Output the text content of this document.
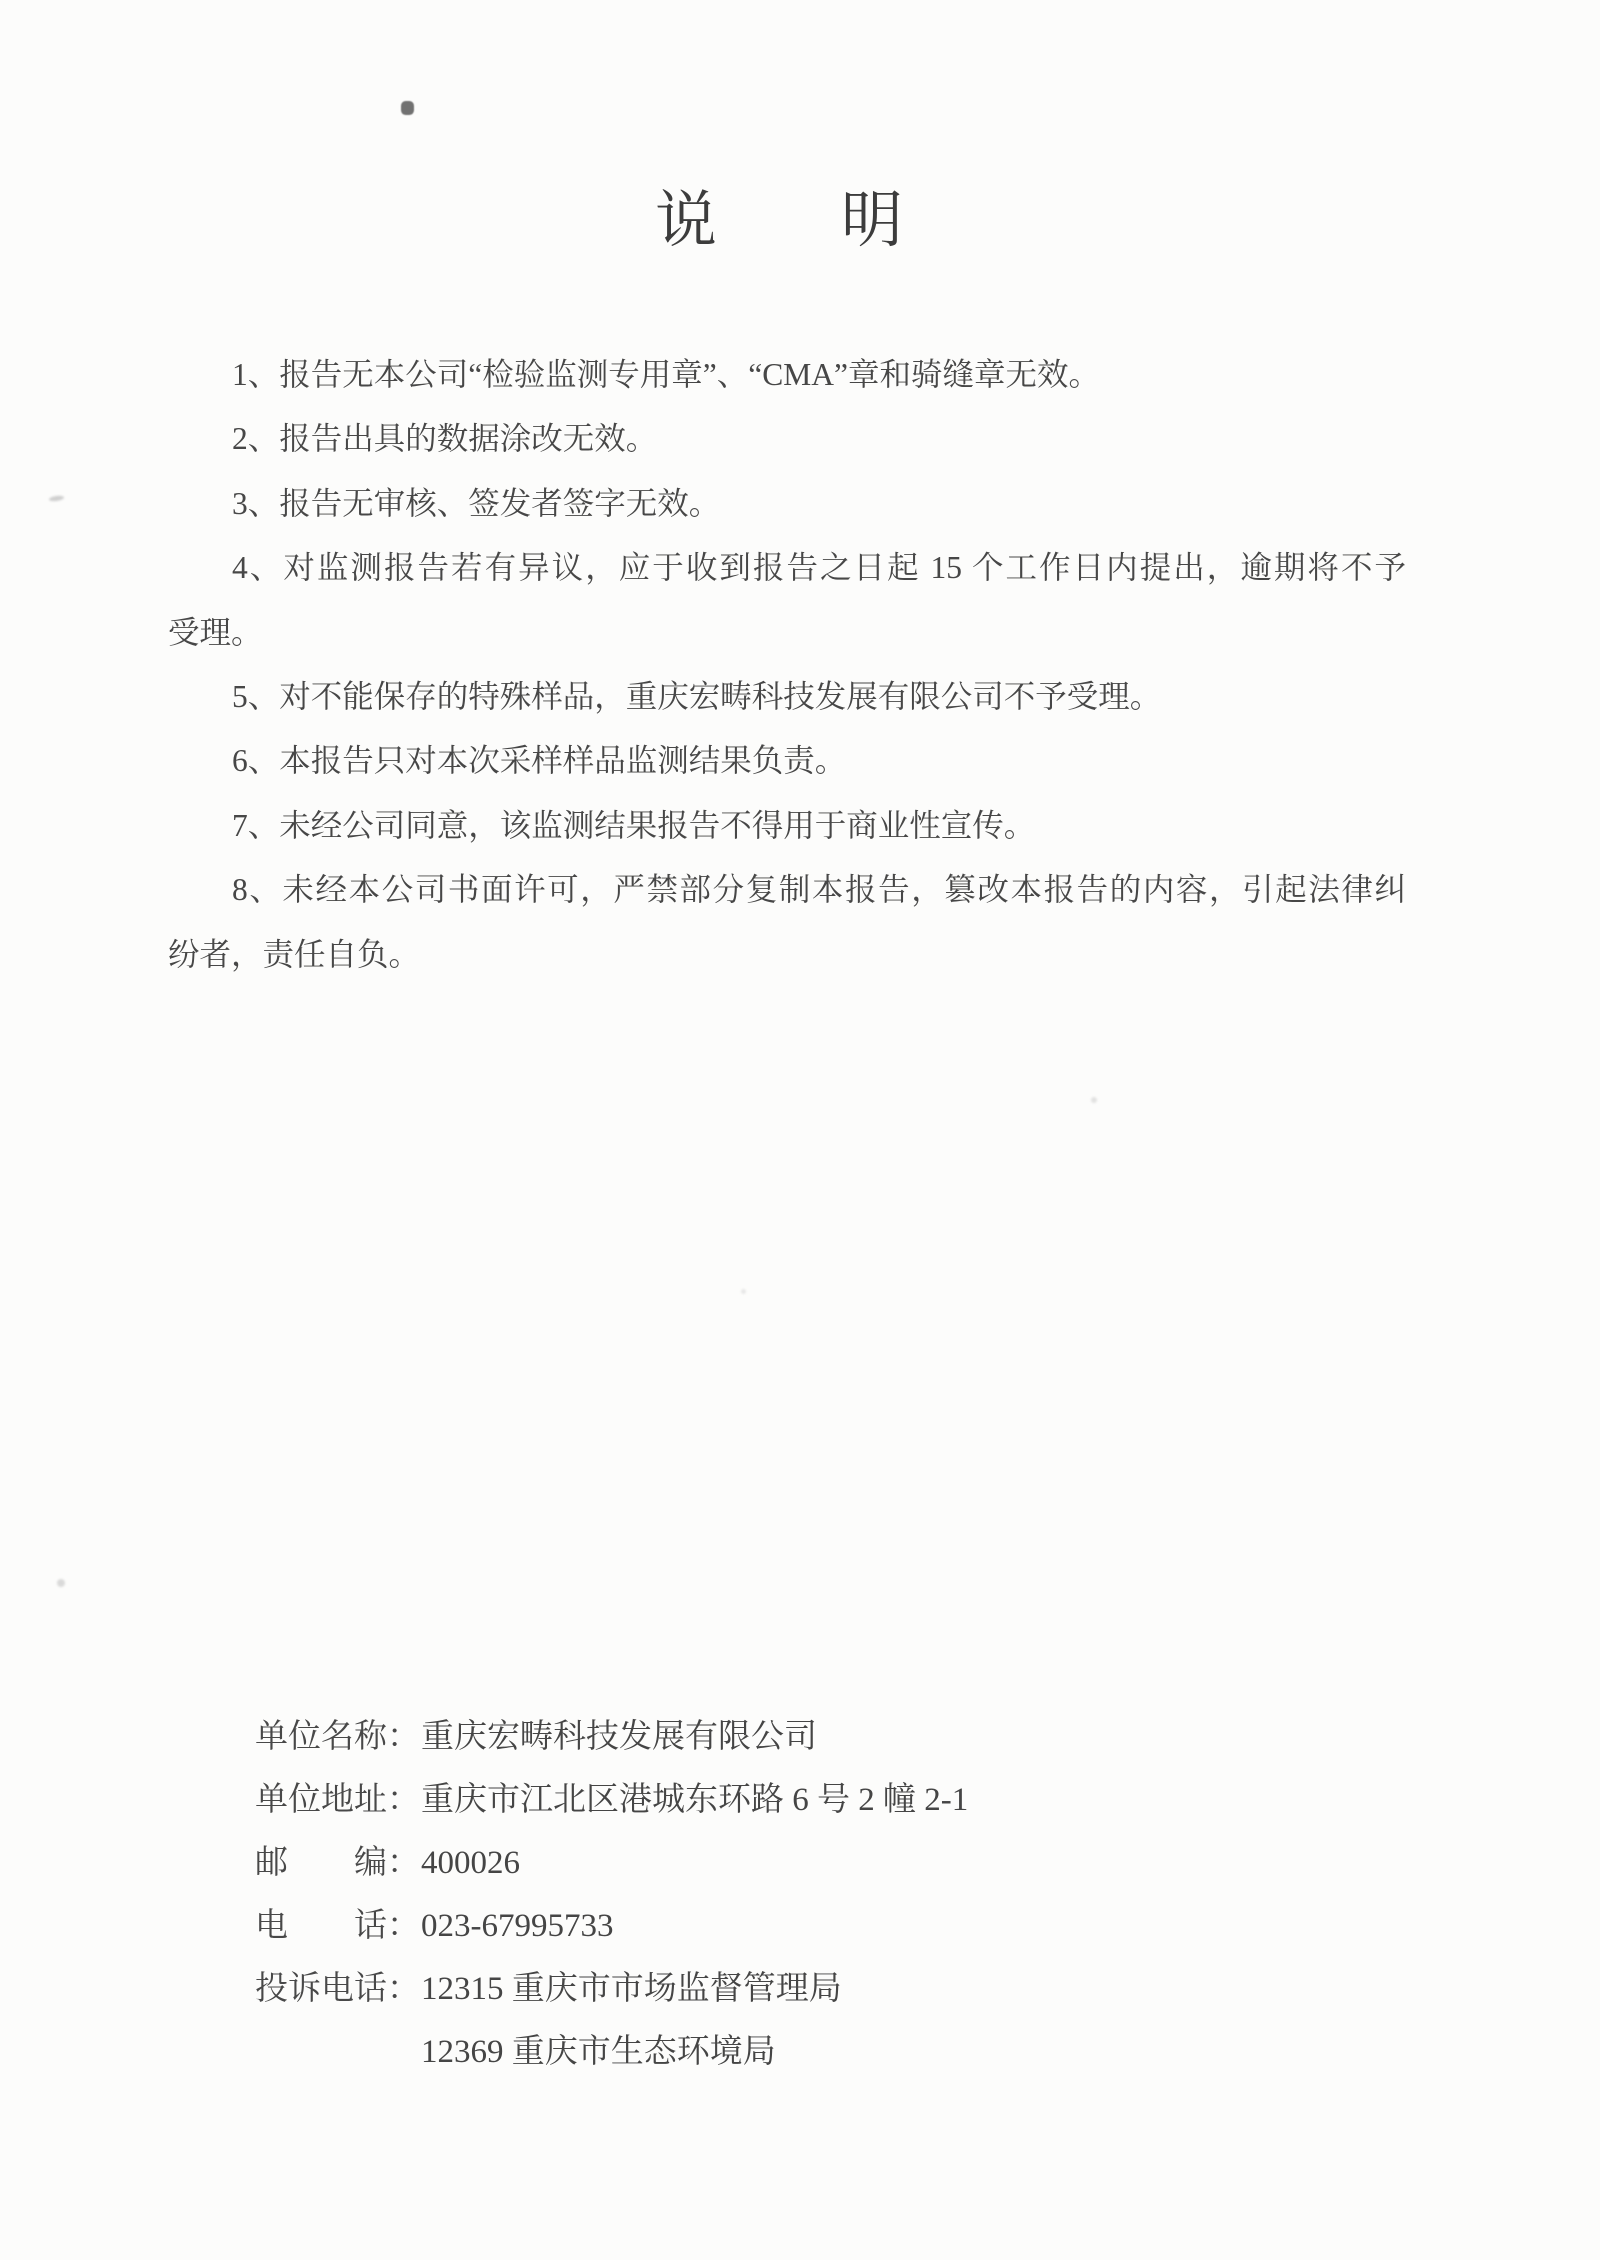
说　　明
1、报告无本公司“检验监测专用章”、“CMA”章和骑缝章无效。
2、报告出具的数据涂改无效。
3、报告无审核、签发者签字无效。
4、对监测报告若有异议，应于收到报告之日起 15 个工作日内提出，逾期将不予
受理。
5、对不能保存的特殊样品，重庆宏畴科技发展有限公司不予受理。
6、本报告只对本次采样样品监测结果负责。
7、未经公司同意，该监测结果报告不得用于商业性宣传。
8、未经本公司书面许可，严禁部分复制本报告，篡改本报告的内容，引起法律纠
纷者，责任自负。
单位名称：重庆宏畴科技发展有限公司
单位地址：重庆市江北区港城东环路 6 号 2 幢 2-1
邮　　编：400026
电　　话：023-67995733
投诉电话：12315 重庆市市场监督管理局
12369 重庆市生态环境局
